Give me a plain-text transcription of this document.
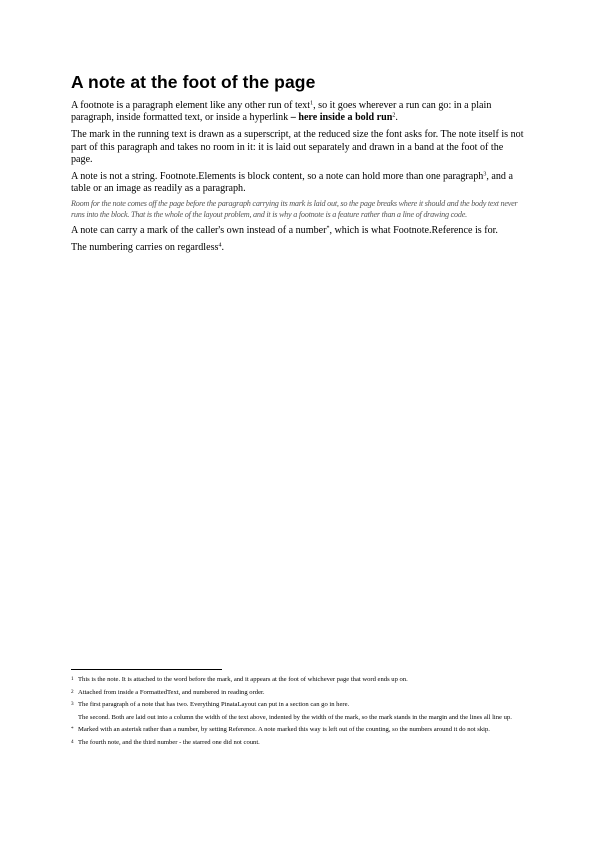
A note at the foot of the page

A footnote is a paragraph element like any other run of text$^1$, so it goes wherever a run can go: in a plain paragraph, inside formatted text, or inside a hyperlink – here inside a bold run$^2$.

The mark in the running text is drawn as a superscript, at the reduced size the font asks for. The note itself is not part of this paragraph and takes no room in it: it is laid out separately and drawn in a band at the foot of the page.

A note is not a string. Footnote.Elements is block content, so a note can hold more than one paragraph$^3$, and a table or an image as readily as a paragraph.

Room for the note comes off the page before the paragraph carrying its mark is laid out, so the page breaks where it should and the body text never runs into the block. That is the whole of the layout problem, and it is why a footnote is a feature rather than a line of drawing code.

A note can carry a mark of the caller's own instead of a number*, which is what Footnote.Reference is for.

The numbering carries on regardless$^4$.

1 This is the note. It is attached to the word before the mark, and it appears at the foot of whichever page that word ends up on.

2 Attached from inside a FormattedText, and numbered in reading order.

3 The first paragraph of a note that has two. Everything PinataLayout can put in a section can go in here.

The second. Both are laid out into a column the width of the text above, indented by the width of the mark, so the mark stands in the margin and the lines all line up.

* Marked with an asterisk rather than a number, by setting Reference. A note marked this way is left out of the counting, so the numbers around it do not skip.

4 The fourth note, and the third number - the starred one did not count.
